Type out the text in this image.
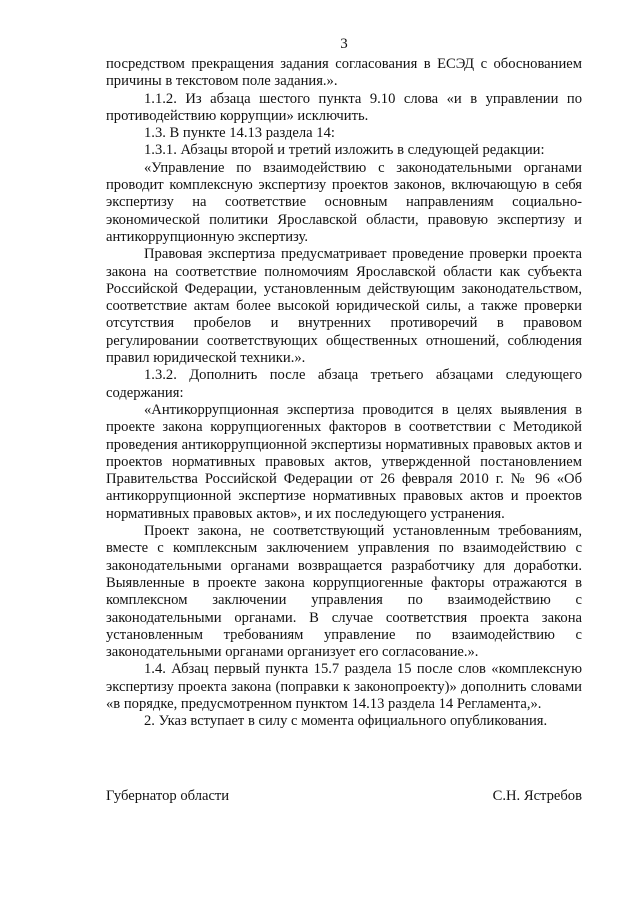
3

посредством прекращения задания согласования в ЕСЭД с обоснованием причины в текстовом поле задания.».

1.1.2. Из абзаца шестого пункта 9.10 слова «и в управлении по противодействию коррупции» исключить.

1.3. В пункте 14.13 раздела 14:

1.3.1. Абзацы второй и третий изложить в следующей редакции:

«Управление по взаимодействию с законодательными органами проводит комплексную экспертизу проектов законов, включающую в себя экспертизу на соответствие основным направлениям социально-экономической политики Ярославской области, правовую экспертизу и антикоррупционную экспертизу.

Правовая экспертиза предусматривает проведение проверки проекта закона на соответствие полномочиям Ярославской области как субъекта Российской Федерации, установленным действующим законодательством, соответствие актам более высокой юридической силы, а также проверки отсутствия пробелов и внутренних противоречий в правовом регулировании соответствующих общественных отношений, соблюдения правил юридической техники.».

1.3.2. Дополнить после абзаца третьего абзацами следующего содержания:

«Антикоррупционная экспертиза проводится в целях выявления в проекте закона коррупциогенных факторов в соответствии с Методикой проведения антикоррупционной экспертизы нормативных правовых актов и проектов нормативных правовых актов, утвержденной постановлением Правительства Российской Федерации от 26 февраля 2010 г. № 96 «Об антикоррупционной экспертизе нормативных правовых актов и проектов нормативных правовых актов», и их последующего устранения.

Проект закона, не соответствующий установленным требованиям, вместе с комплексным заключением управления по взаимодействию с законодательными органами возвращается разработчику для доработки. Выявленные в проекте закона коррупциогенные факторы отражаются в комплексном заключении управления по взаимодействию с законодательными органами. В случае соответствия проекта закона установленным требованиям управление по взаимодействию с законодательными органами организует его согласование.».

1.4. Абзац первый пункта 15.7 раздела 15 после слов «комплексную экспертизу проекта закона (поправки к законопроекту)» дополнить словами «в порядке, предусмотренном пунктом 14.13 раздела 14 Регламента,».

2. Указ вступает в силу с момента официального опубликования.

Губернатор области	С.Н. Ястребов
